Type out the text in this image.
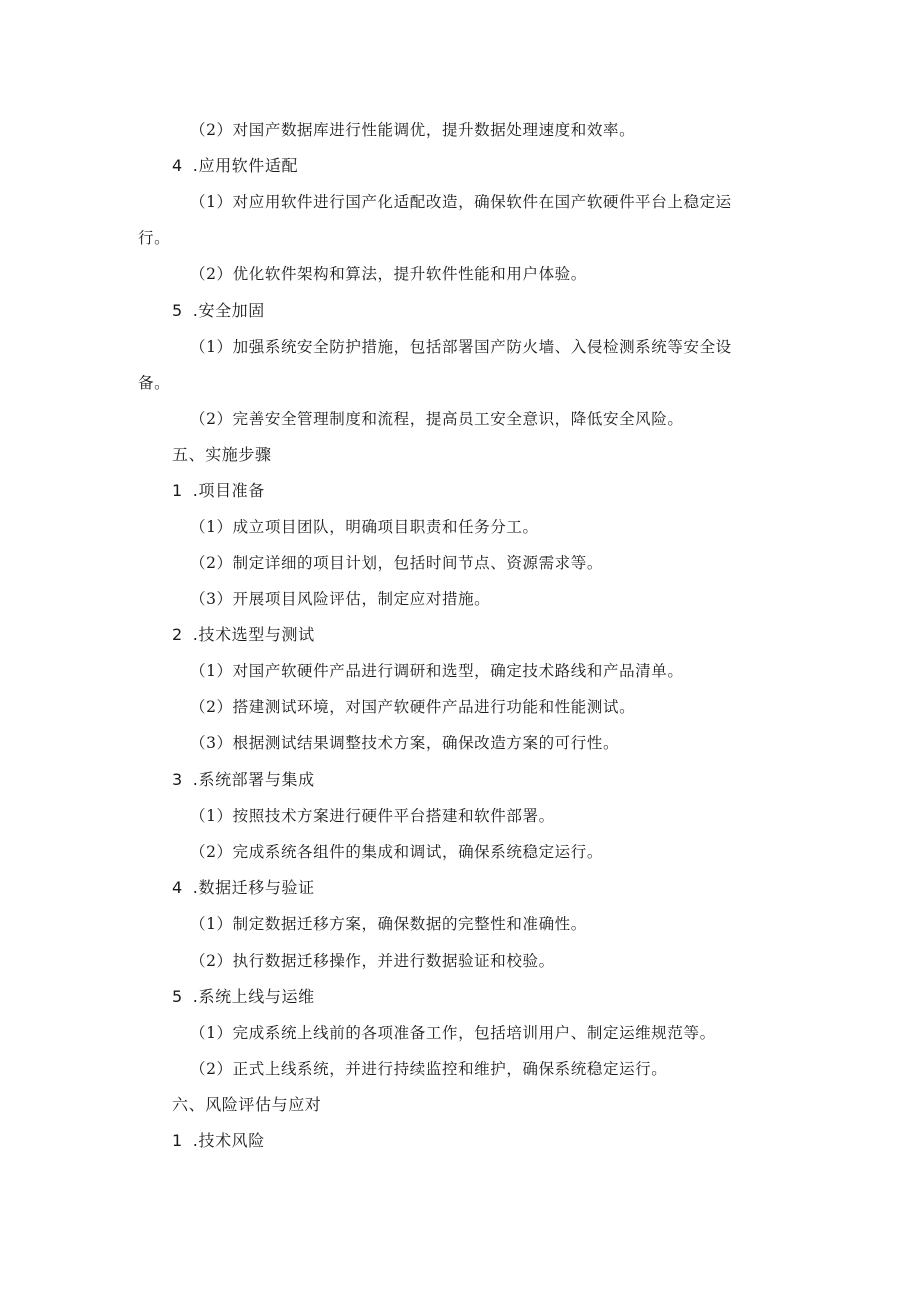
（2）对国产数据库进行性能调优，提升数据处理速度和效率。
4 .应用软件适配
（1）对应用软件进行国产化适配改造，确保软件在国产软硬件平台上稳定运
行。
（2）优化软件架构和算法，提升软件性能和用户体验。
5 .安全加固
（1）加强系统安全防护措施，包括部署国产防火墙、入侵检测系统等安全设
备。
（2）完善安全管理制度和流程，提高员工安全意识，降低安全风险。
五、实施步骤
1 .项目准备
（1）成立项目团队，明确项目职责和任务分工。
（2）制定详细的项目计划，包括时间节点、资源需求等。
（3）开展项目风险评估，制定应对措施。
2 .技术选型与测试
（1）对国产软硬件产品进行调研和选型，确定技术路线和产品清单。
（2）搭建测试环境，对国产软硬件产品进行功能和性能测试。
（3）根据测试结果调整技术方案，确保改造方案的可行性。
3 .系统部署与集成
（1）按照技术方案进行硬件平台搭建和软件部署。
（2）完成系统各组件的集成和调试，确保系统稳定运行。
4 .数据迁移与验证
（1）制定数据迁移方案，确保数据的完整性和准确性。
（2）执行数据迁移操作，并进行数据验证和校验。
5 .系统上线与运维
（1）完成系统上线前的各项准备工作，包括培训用户、制定运维规范等。
（2）正式上线系统，并进行持续监控和维护，确保系统稳定运行。
六、风险评估与应对
1 .技术风险
